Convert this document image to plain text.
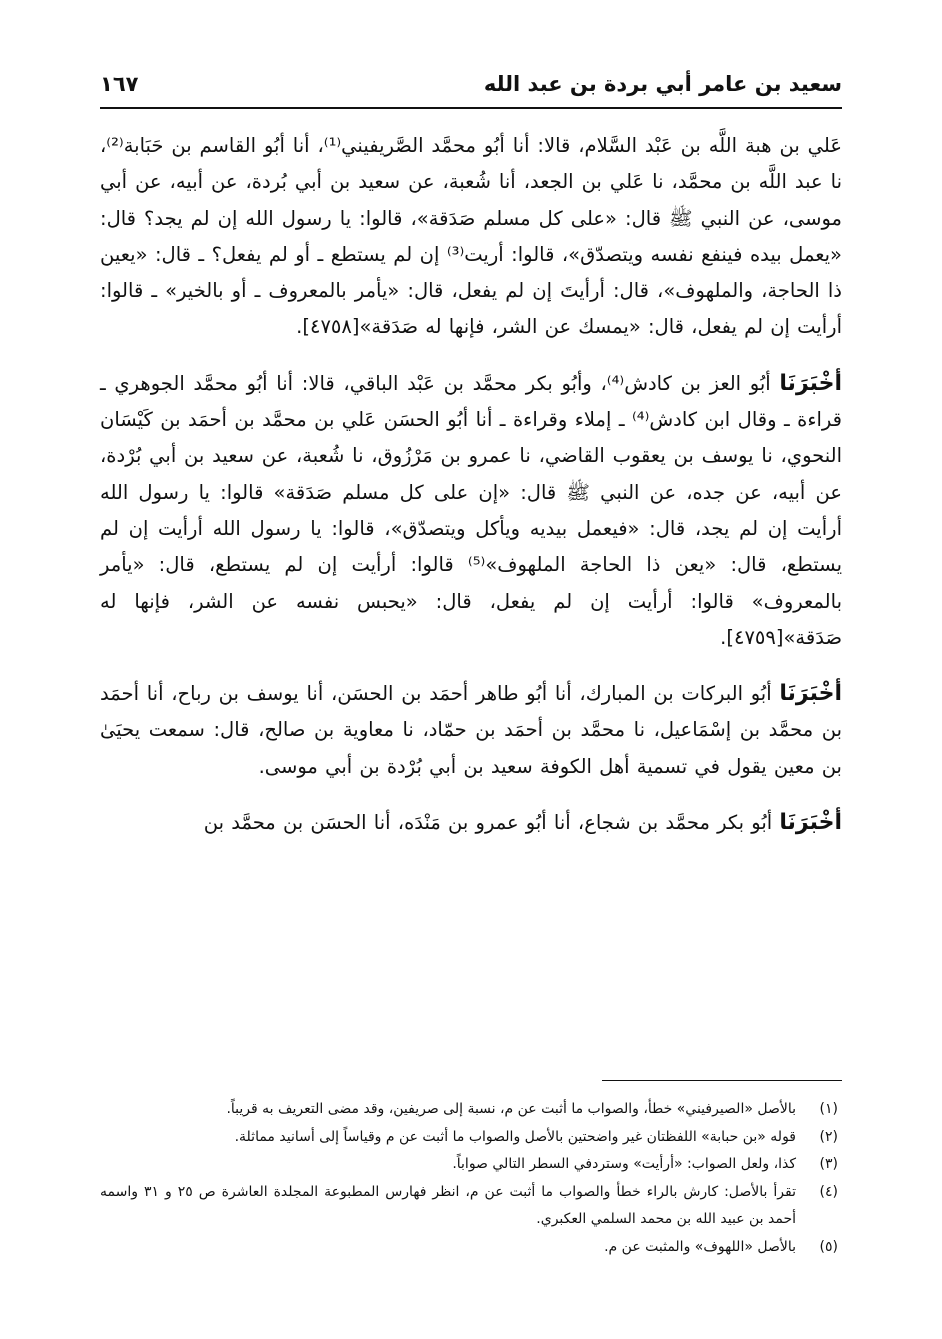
سعيد بن عامر أبي بردة بن عبد الله
١٦٧

عَلي بن هبة اللَّه بن عَبْد السَّلام، قالا: أنا أبُو محمَّد الصَّريفيني⁽¹⁾، أنا أبُو القاسم بن حَبَابة⁽²⁾، نا عبد اللَّه بن محمَّد، نا عَلي بن الجعد، أنا شُعبة، عن سعيد بن أبي بُردة، عن أبيه، عن أبي موسى، عن النبي ﷺ قال: «على كل مسلم صَدَقة»، قالوا: يا رسول الله إن لم يجد؟ قال: «يعمل بيده فينفع نفسه ويتصدّق»، قالوا: أريت⁽³⁾ إن لم يستطع ـ أو لم يفعل؟ ـ قال: «يعين ذا الحاجة، والملهوف»، قال: أرأيتَ إن لم يفعل، قال: «يأمر بالمعروف ـ أو بالخير» ـ قالوا: أرأيت إن لم يفعل، قال: «يمسك عن الشر، فإنها له صَدَقة»[٤٧٥٨].

أخْبَرَنَا أبُو العز بن كادش⁽⁴⁾، وأبُو بكر محمَّد بن عَبْد الباقي، قالا: أنا أبُو محمَّد الجوهري ـ قراءة ـ وقال ابن كادش⁽⁴⁾ ـ إملاء وقراءة ـ أنا أبُو الحسَن عَلي بن محمَّد بن أحمَد بن كَيْسَان النحوي، نا يوسف بن يعقوب القاضي، نا عمرو بن مَرْزُوق، نا شُعبة، عن سعيد بن أبي بُرْدة، عن أبيه، عن جده، عن النبي ﷺ قال: «إن على كل مسلم صَدَقة» قالوا: يا رسول الله أرأيت إن لم يجد، قال: «فيعمل بيديه ويأكل ويتصدّق»، قالوا: يا رسول الله أرأيت إن لم يستطع، قال: «يعن ذا الحاجة الملهوف»⁽⁵⁾ قالوا: أرأيت إن لم يستطع، قال: «يأمر بالمعروف» قالوا: أرأيت إن لم يفعل، قال: «يحبس نفسه عن الشر، فإنها له صَدَقة»[٤٧٥٩].

أخْبَرَنَا أبُو البركات بن المبارك، أنا أبُو طاهر أحمَد بن الحسَن، أنا يوسف بن رباح، أنا أحمَد بن محمَّد بن إسْمَاعيل، نا محمَّد بن أحمَد بن حمّاد، نا معاوية بن صالح، قال: سمعت يحيَىٰ بن معين يقول في تسمية أهل الكوفة سعيد بن أبي بُرْدة بن أبي موسى.

أخْبَرَنَا أبُو بكر محمَّد بن شجاع، أنا أبُو عمرو بن مَنْدَه، أنا الحسَن بن محمَّد بن

(١)
بالأصل «الصيرفيني» خطأ، والصواب ما أثبت عن م، نسبة إلى صريفين، وقد مضى التعريف به قريباً.
(٢)
قوله «بن حبابة» اللفظتان غير واضحتين بالأصل والصواب ما أثبت عن م وقياساً إلى أسانيد مماثلة.
(٣)
كذا، ولعل الصواب: «أرأيت» وستردفي السطر التالي صواباً.
(٤)
تقرأ بالأصل: كارش بالراء خطأ والصواب ما أثبت عن م، انظر فهارس المطبوعة المجلدة العاشرة ص ٢٥ و ٣١ واسمه أحمد بن عبيد الله بن محمد السلمي العكبري.
(٥)
بالأصل «اللهوف» والمثبت عن م.
